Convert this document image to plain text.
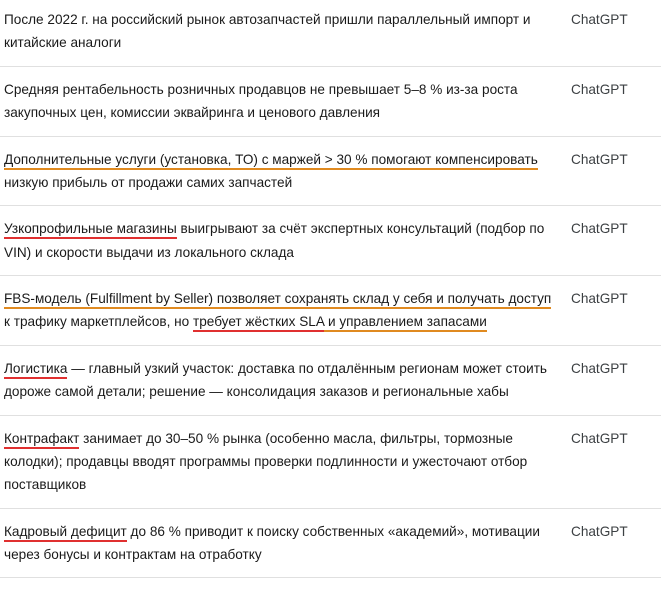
После 2022 г. на российский рынок автозапчастей пришли параллельный импорт и китайские аналоги
ChatGPT
Средняя рентабельность розничных продавцов не превышает 5–8 % из-за роста закупочных цен, комиссии эквайринга и ценового давления
ChatGPT
Дополнительные услуги (установка, ТО) с маржей > 30 % помогают компенсировать низкую прибыль от продажи самих запчастей
ChatGPT
Узкопрофильные магазины выигрывают за счёт экспертных консультаций (подбор по VIN) и скорости выдачи из локального склада
ChatGPT
FBS-модель (Fulfillment by Seller) позволяет сохранять склад у себя и получать доступ к трафику маркетплейсов, но требует жёстких SLA и управлением запасами
ChatGPT
Логистика — главный узкий участок: доставка по отдалённым регионам может стоить дороже самой детали; решение — консолидация заказов и региональные хабы
ChatGPT
Контрафакт занимает до 30–50 % рынка (особенно масла, фильтры, тормозные колодки); продавцы вводят программы проверки подлинности и ужесточают отбор поставщиков
ChatGPT
Кадровый дефицит до 86 % приводит к поиску собственных «академий», мотивации через бонусы и контрактам на отработку
ChatGPT
